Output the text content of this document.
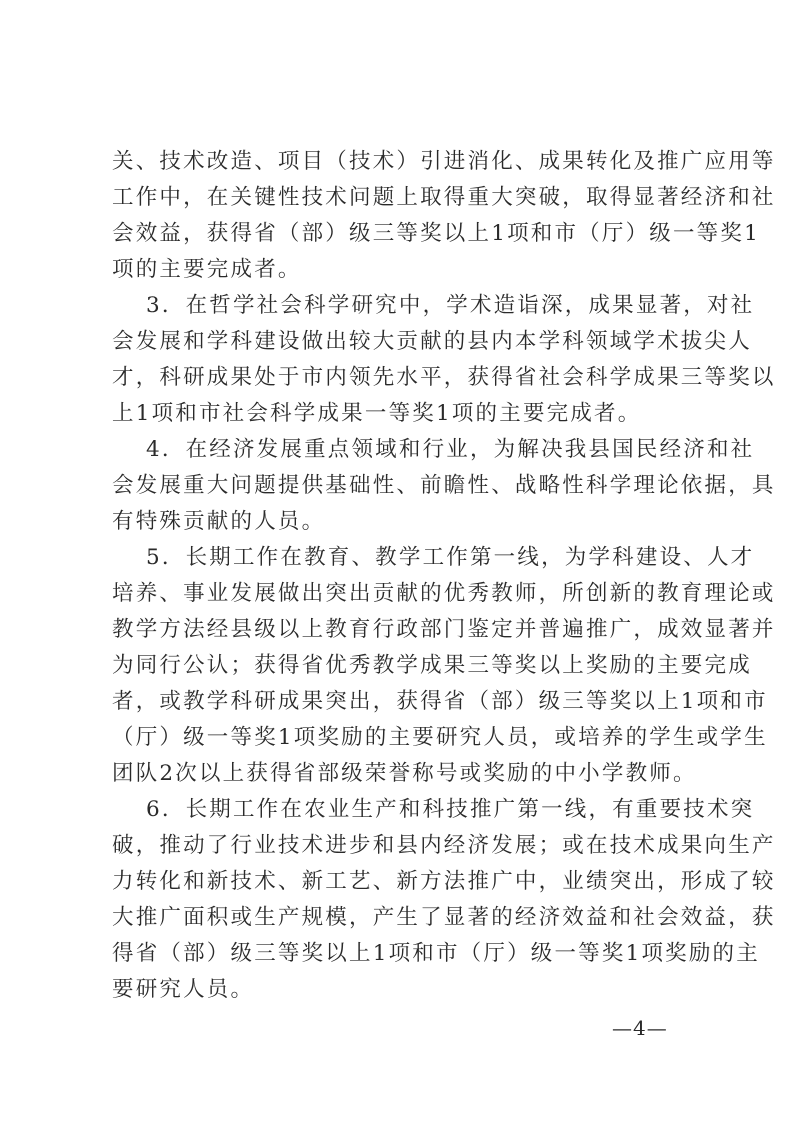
关、技术改造、项目（技术）引进消化、成果转化及推广应用等
工作中，在关键性技术问题上取得重大突破，取得显著经济和社
会效益，获得省（部）级三等奖以上1项和市（厅）级一等奖1
项的主要完成者。

3．在哲学社会科学研究中，学术造诣深，成果显著，对社
会发展和学科建设做出较大贡献的县内本学科领域学术拔尖人
才，科研成果处于市内领先水平，获得省社会科学成果三等奖以
上1项和市社会科学成果一等奖1项的主要完成者。

4．在经济发展重点领域和行业，为解决我县国民经济和社
会发展重大问题提供基础性、前瞻性、战略性科学理论依据，具
有特殊贡献的人员。

5．长期工作在教育、教学工作第一线，为学科建设、人才
培养、事业发展做出突出贡献的优秀教师，所创新的教育理论或
教学方法经县级以上教育行政部门鉴定并普遍推广，成效显著并
为同行公认；获得省优秀教学成果三等奖以上奖励的主要完成
者，或教学科研成果突出，获得省（部）级三等奖以上1项和市
（厅）级一等奖1项奖励的主要研究人员，或培养的学生或学生
团队2次以上获得省部级荣誉称号或奖励的中小学教师。

6．长期工作在农业生产和科技推广第一线，有重要技术突
破，推动了行业技术进步和县内经济发展；或在技术成果向生产
力转化和新技术、新工艺、新方法推广中，业绩突出，形成了较
大推广面积或生产规模，产生了显著的经济效益和社会效益，获
得省（部）级三等奖以上1项和市（厅）级一等奖1项奖励的主
要研究人员。

—4—
